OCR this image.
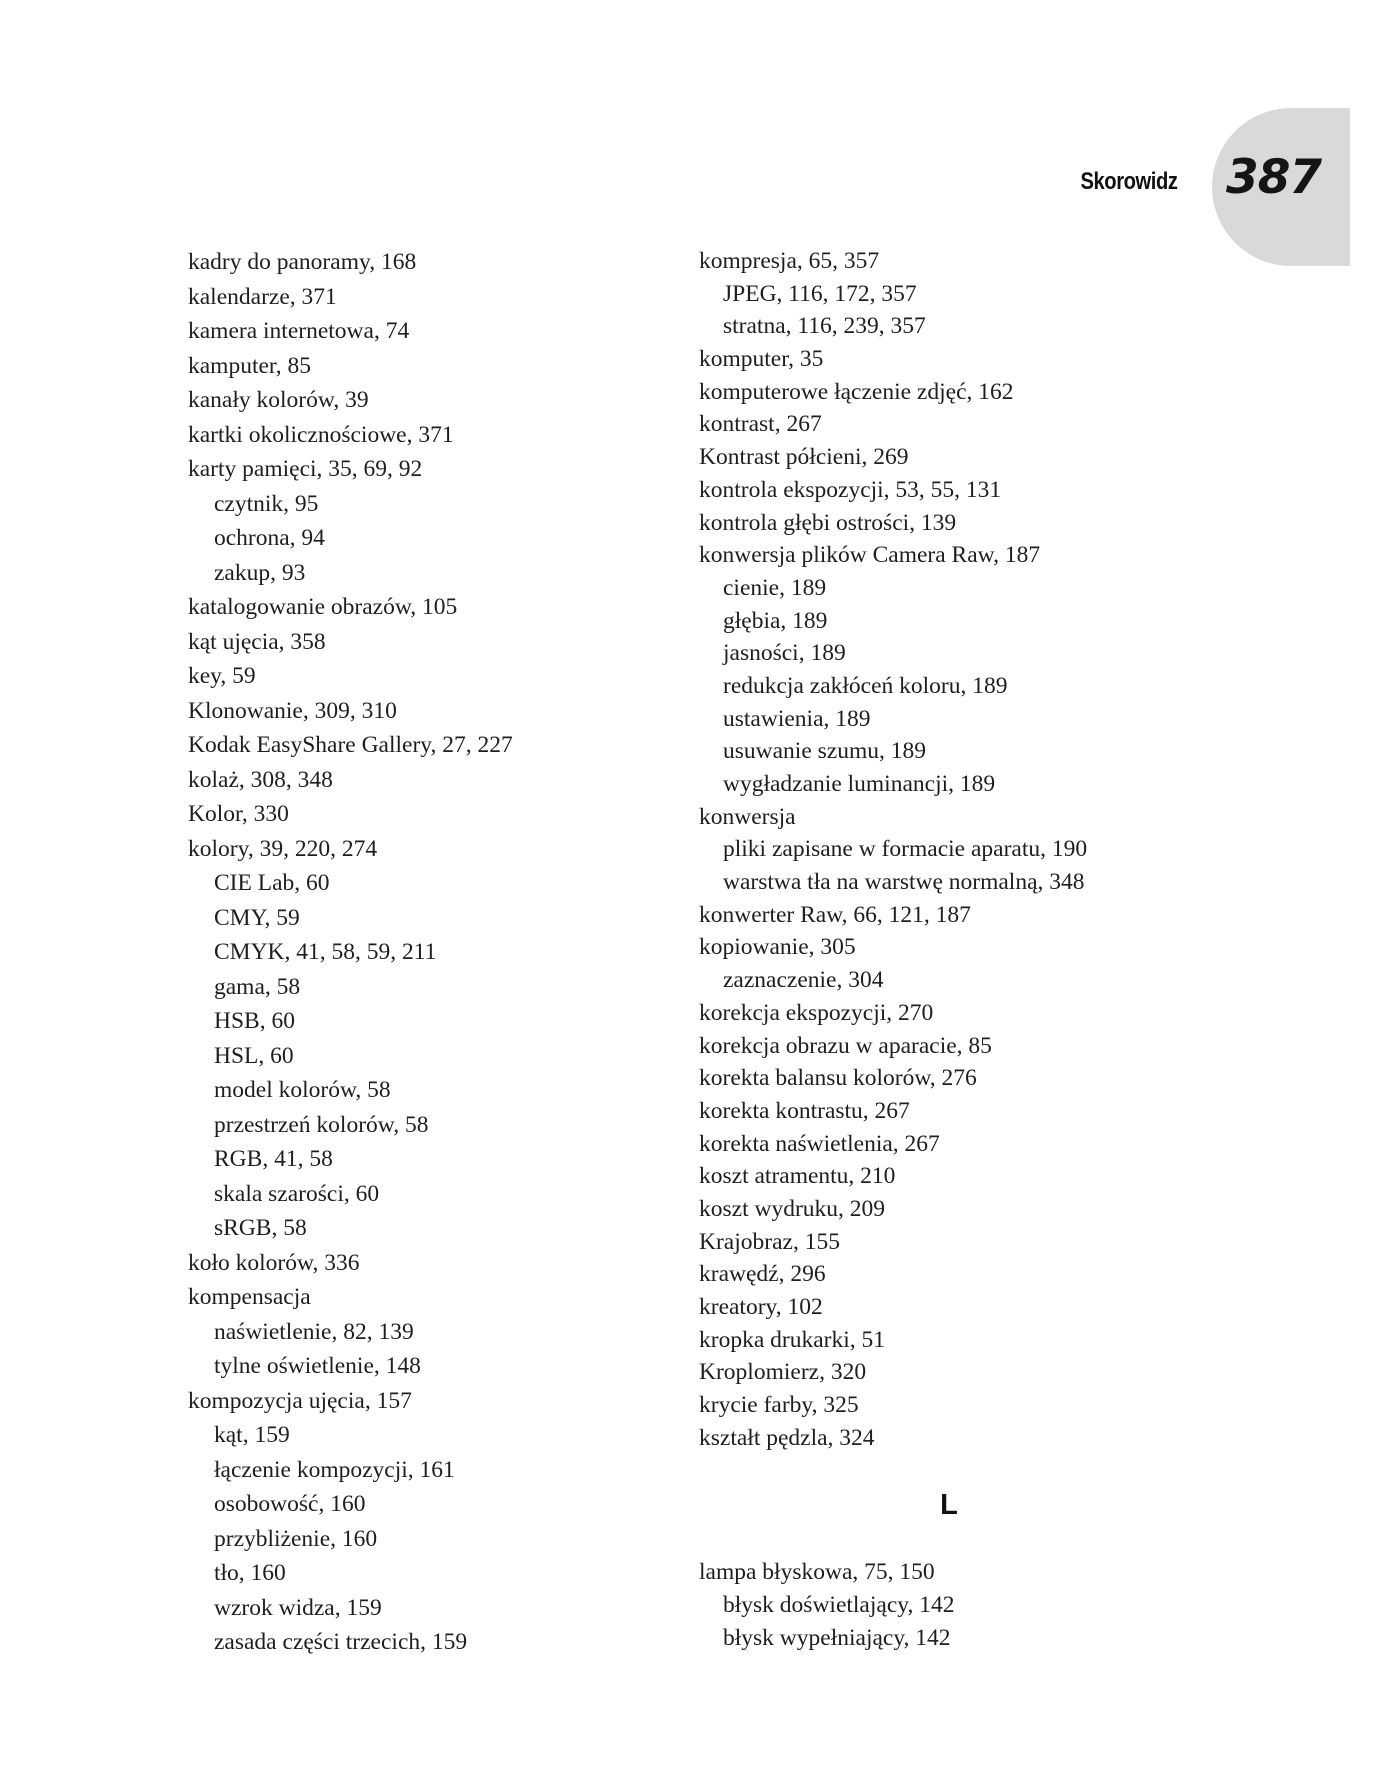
Skorowidz 387
kadry do panoramy, 168
kalendarze, 371
kamera internetowa, 74
kamputer, 85
kanały kolorów, 39
kartki okolicznościowe, 371
karty pamięci, 35, 69, 92
czytnik, 95
ochrona, 94
zakup, 93
katalogowanie obrazów, 105
kąt ujęcia, 358
key, 59
Klonowanie, 309, 310
Kodak EasyShare Gallery, 27, 227
kolaż, 308, 348
Kolor, 330
kolory, 39, 220, 274
CIE Lab, 60
CMY, 59
CMYK, 41, 58, 59, 211
gama, 58
HSB, 60
HSL, 60
model kolorów, 58
przestrzeń kolorów, 58
RGB, 41, 58
skala szarości, 60
sRGB, 58
koło kolorów, 336
kompensacja
naświetlenie, 82, 139
tylne oświetlenie, 148
kompozycja ujęcia, 157
kąt, 159
łączenie kompozycji, 161
osobowość, 160
przybliżenie, 160
tło, 160
wzrok widza, 159
zasada części trzecich, 159
kompresja, 65, 357
JPEG, 116, 172, 357
stratna, 116, 239, 357
komputer, 35
komputerowe łączenie zdjęć, 162
kontrast, 267
Kontrast półcieni, 269
kontrola ekspozycji, 53, 55, 131
kontrola głębi ostrości, 139
konwersja plików Camera Raw, 187
cienie, 189
głębia, 189
jasności, 189
redukcja zakłóceń koloru, 189
ustawienia, 189
usuwanie szumu, 189
wygładzanie luminancji, 189
konwersja
pliki zapisane w formacie aparatu, 190
warstwa tła na warstwę normalną, 348
konwerter Raw, 66, 121, 187
kopiowanie, 305
zaznaczenie, 304
korekcja ekspozycji, 270
korekcja obrazu w aparacie, 85
korekta balansu kolorów, 276
korekta kontrastu, 267
korekta naświetlenia, 267
koszt atramentu, 210
koszt wydruku, 209
Krajobraz, 155
krawędź, 296
kreatory, 102
kropka drukarki, 51
Kroplomierz, 320
krycie farby, 325
kształt pędzla, 324
L
lampa błyskowa, 75, 150
błysk doświetlający, 142
błysk wypełniający, 142
